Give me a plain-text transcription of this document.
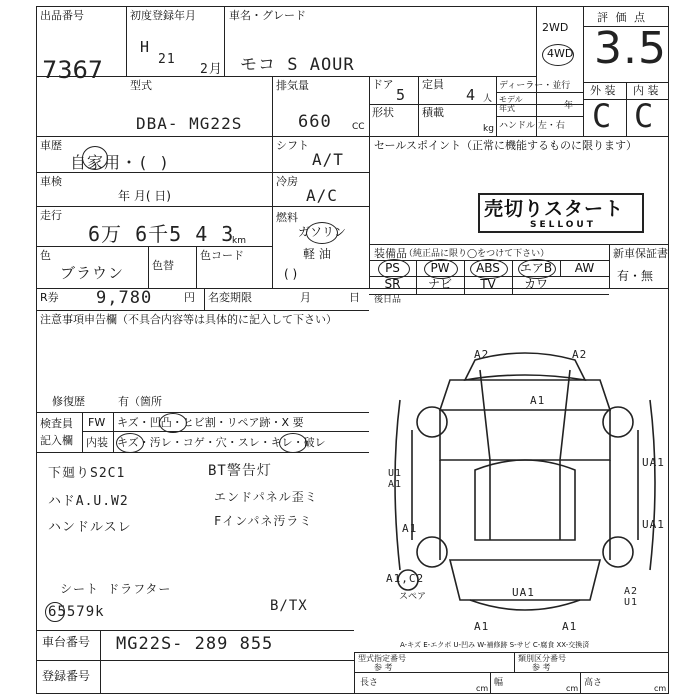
出品番号
7367
初度登録年月
H
21
2月
車名・グレード
モコ S AOUR
2WD
4WD
評 価 点
3.5
外 装 内 装
C C
型式
DBA- MG22S
排気量
660 CC
ドア
5
定員
4 人
形状	積載
kg
ディーラー・並行
モデル
年式	年
ハンドル 左・右
車歴
自家用・( )
シフト
A/T
車検
年 月( 日)
冷房
A/C
走行
6万 6千5 4 3
km
燃料
ガソリン
軽 油
( )
色
ブラウン	色替
色コード
R券 9,780	円 名変期限	月	日
注意事項申告欄（不具合内容等は具体的に記入して下さい）
修復歴	有（箇所
検査員
記入欄
FW キズ・凹凸・ヒビ割・リペア跡・X 要
内装 キズ・汚レ・コゲ・穴・スレ・キレ・破レ
下廻りS2C1
ハドA.U.W2
ハンドルスレ
シート ドラフター
65579k
BT警告灯
エンドパネル歪ミ
Fインパネ汚ラミ
B/TX
セールスポイント（正常に機能するものに限ります）
売切りスタート
SELLOUT
装備品
（純正品に限り◯をつけて下さい）	新車保証書
有・無
PS	PW	ABS	エアB	AW
SR	ナビ	TV	カワ
後日品
A2	A2
A1
U1
A1
UA1
A1	UA1
A1,C2
UA1	A2
U1
A1	A1
スペア
A-キズ E-エクボ U-凹み W-補修跡 S-サビ C-腐食 XX-交換済
車台番号 MG22S- 289 855
登録番号
型式指定番号
参 考
類別区分番号
参 考
長さ
cm
幅
cm
高さ
cm
